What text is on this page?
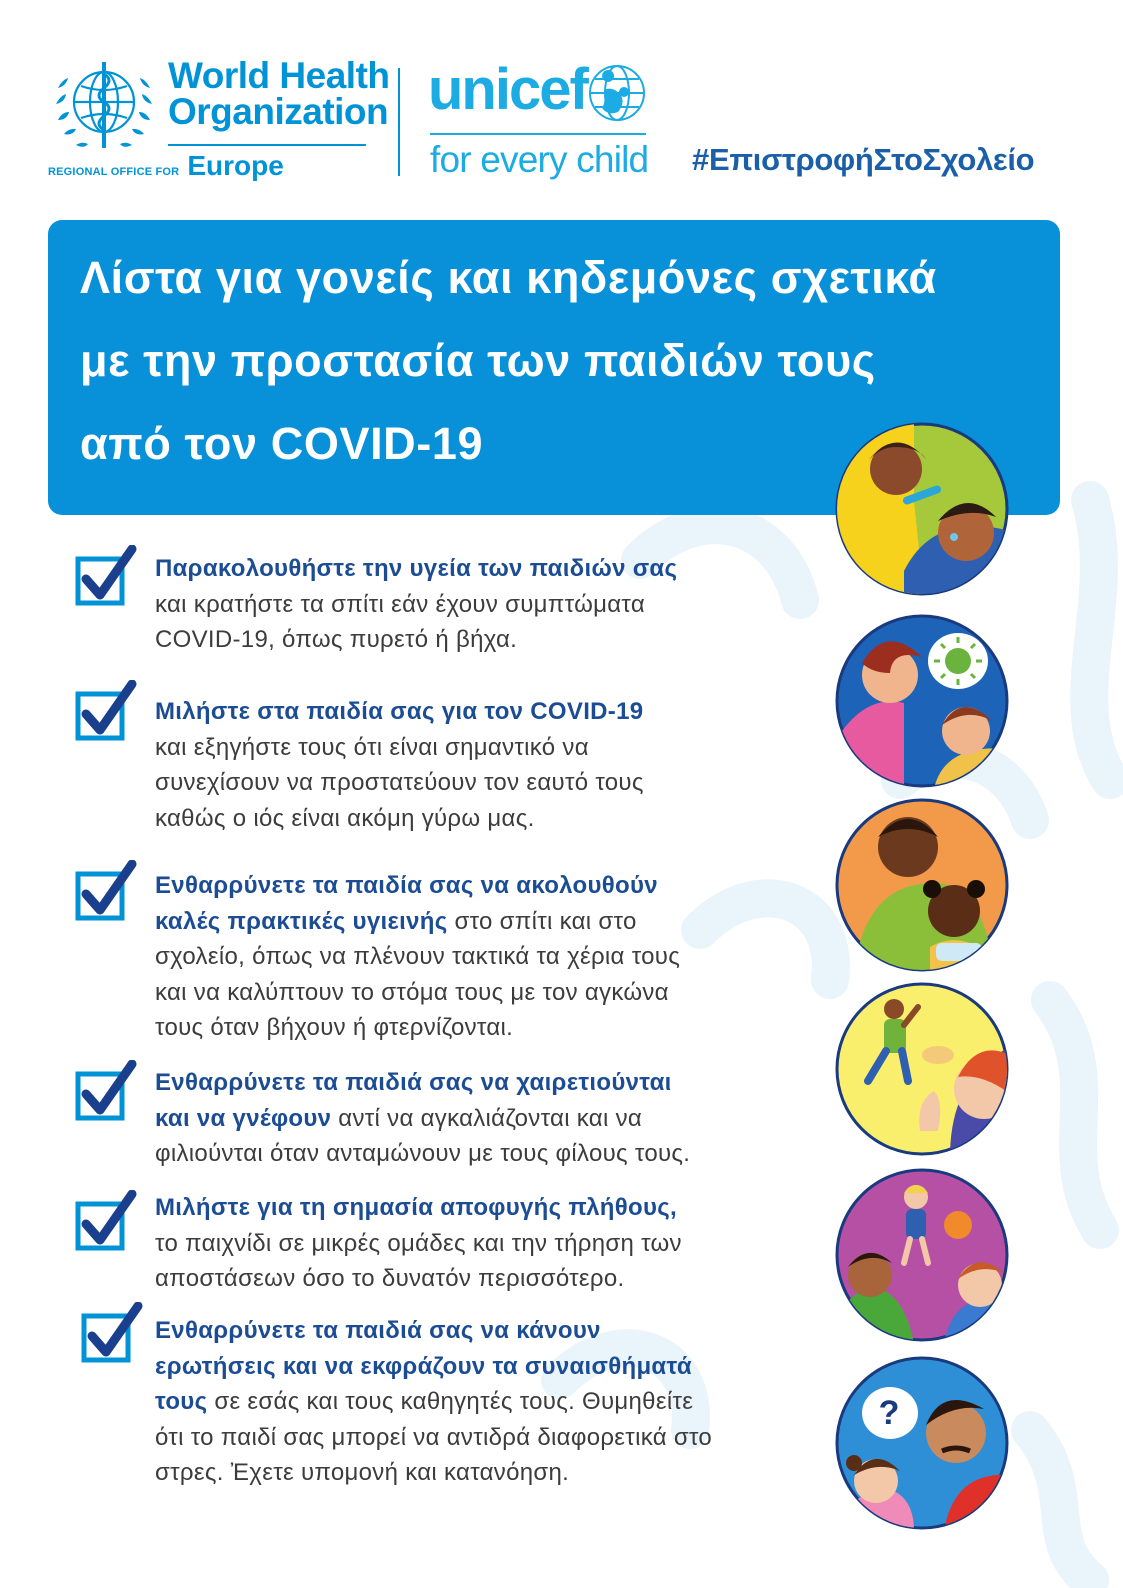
World Health
Organization
REGIONAL OFFICE FOR Europe
unicef
for every child #ΕπιστροφήΣτοΣχολείο
Λίστα για γονείς και κηδεμόνες σχετικά
με την προστασία των παιδιών τους
από τον COVID-19
Παρακολουθήστε την υγεία των παιδιών σας
και κρατήστε τα σπίτι εάν έχουν συμπτώματα
COVID-19, όπως πυρετό ή βήχα.
Μιλήστε στα παιδία σας για τον COVID-19
και εξηγήστε τους ότι είναι σημαντικό να
συνεχίσουν να προστατεύουν τον εαυτό τους
καθώς ο ιός είναι ακόμη γύρω μας.
Ενθαρρύνετε τα παιδία σας να ακολουθούν
καλές πρακτικές υγιεινής στο σπίτι και στο
σχολείο, όπως να πλένουν τακτικά τα χέρια τους
και να καλύπτουν το στόμα τους με τον αγκώνα
τους όταν βήχουν ή φτερνίζονται.
Ενθαρρύνετε τα παιδιά σας να χαιρετιούνται
και να γνέφουν αντί να αγκαλιάζονται και να
φιλιούνται όταν ανταμώνουν με τους φίλους τους.
Μιλήστε για τη σημασία αποφυγής πλήθους,
το παιχνίδι σε μικρές ομάδες και την τήρηση των
αποστάσεων όσο το δυνατόν περισσότερο.
Ενθαρρύνετε τα παιδιά σας να κάνουν
ερωτήσεις και να εκφράζουν τα συναισθήματά
τους σε εσάς και τους καθηγητές τους. Θυμηθείτε
ότι το παιδί σας μπορεί να αντιδρά διαφορετικά στο
στρες. Ἐχετε υπομονή και κατανόηση.
?
